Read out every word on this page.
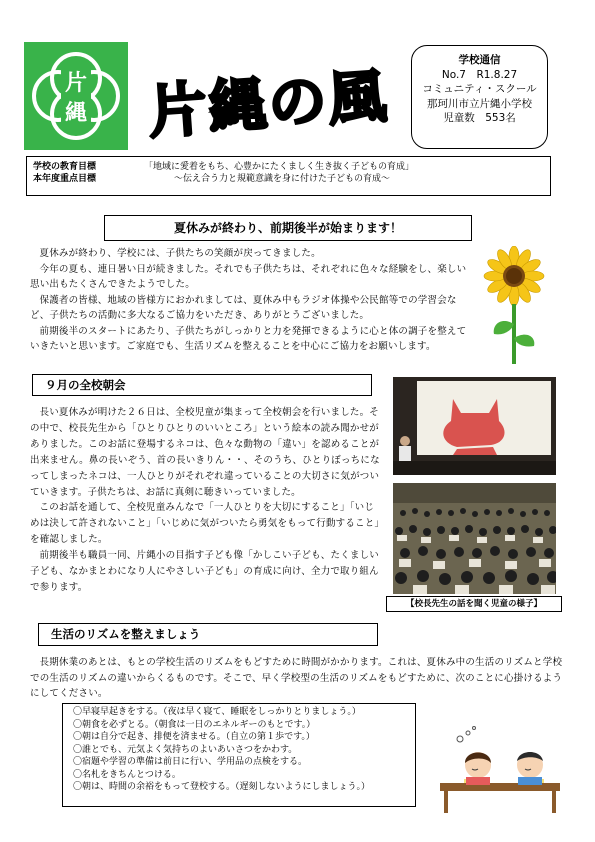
片
縄 片縄の風
学校通信
No.7　R1.8.27
コミュニティ・スクール
那珂川市立片縄小学校
児童数　553名
学校の教育目標	「地域に愛着をもち、心豊かにたくましく生き抜く子どもの育成」
本年度重点目標	〜伝え合う力と規範意識を身に付けた子どもの育成〜
夏休みが終わり、前期後半が始まります！

夏休みが終わり、学校には、子供たちの笑顔が戻ってきました。

今年の夏も、連日暑い日が続きました。それでも子供たちは、それぞれに色々な経験をし、楽しい思い出もたくさんできたようでした。

保護者の皆様、地域の皆様方におかれましては、夏休み中もラジオ体操や公民館等での学習会など、子供たちの活動に多大なるご協力をいただき、ありがとうございました。

前期後半のスタートにあたり、子供たちがしっかりと力を発揮できるように心と体の調子を整えていきたいと思います。ご家庭でも、生活リズムを整えることを中心にご協力をお願いします。

９月の全校朝会

長い夏休みが明けた２６日は、全校児童が集まって全校朝会を行いました。その中で、校長先生から「ひとりひとりのいいところ」という絵本の読み聞かせがありました。このお話に登場するネコは、色々な動物の「違い」を認めることが出来ません。鼻の長いぞう、首の長いきりん・・、そのうち、ひとりぼっちになってしまったネコは、一人ひとりがそれぞれ違っていることの大切さに気がついていきます。子供たちは、お話に真剣に聴きいっていました。

このお話を通して、全校児童みんなで「一人ひとりを大切にすること」「いじめは決して許されないこと」「いじめに気がついたら勇気をもって行動すること」を確認しました。

前期後半も職員一同、片縄小の目指す子ども像「かしこい子ども、たくましい子ども、なかまとわになり人にやさしい子ども」の育成に向け、全力で取り組んで参ります。

【校長先生の話を聞く児童の様子】
生活のリズムを整えましょう

長期休業のあとは、もとの学校生活のリズムをもどすために時間がかかります。これは、夏休み中の生活のリズムと学校での生活のリズムの違いからくるものです。そこで、早く学校型の生活のリズムをもどすために、次のことに心掛けるようにしてください。

〇早寝早起きをする。（夜は早く寝て、睡眠をしっかりとりましょう。）
〇朝食を必ずとる。（朝食は一日のエネルギーのもとです。）
〇朝は自分で起き、排便を済ませる。（自立の第１歩です。）
〇誰とでも、元気よく気持ちのよいあいさつをかわす。
〇宿題や学習の準備は前日に行い、学用品の点検をする。
〇名札をきちんとつける。
〇朝は、時間の余裕をもって登校する。（遅刻しないようにしましょう。）
